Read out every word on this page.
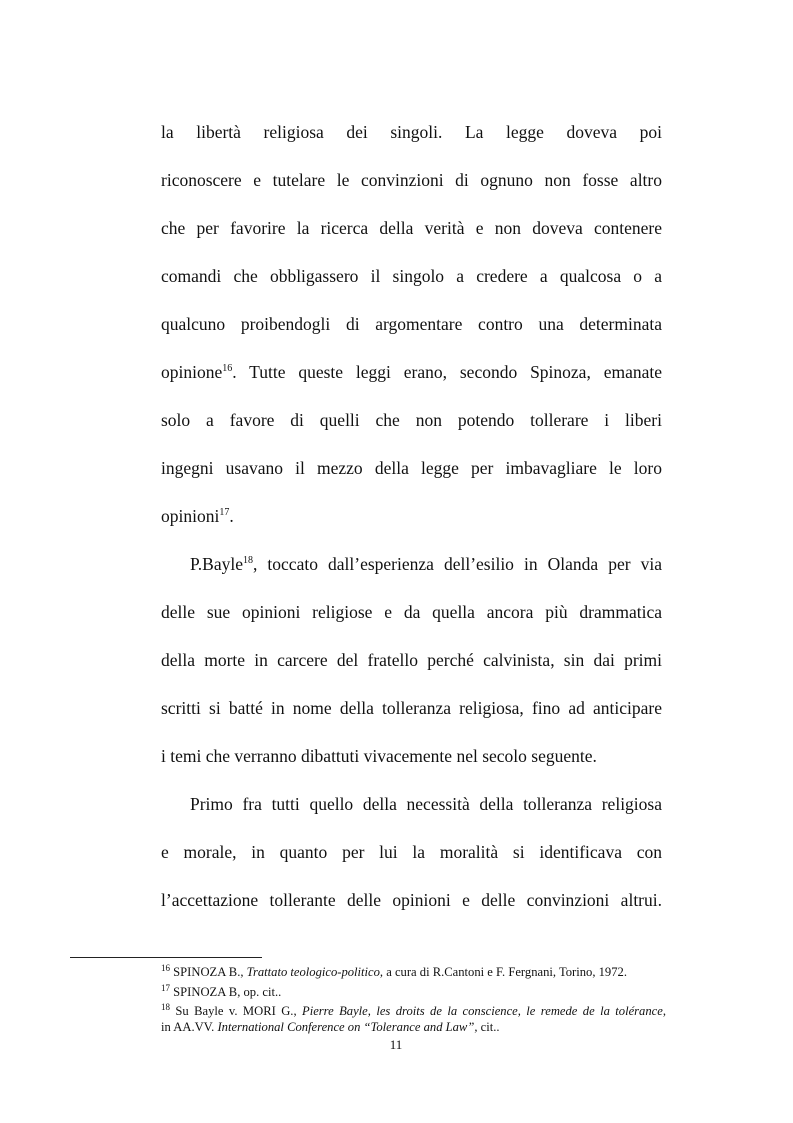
la libertà religiosa dei singoli. La legge doveva poi
riconoscere e tutelare le convinzioni di ognuno non fosse altro
che per favorire la ricerca della verità e non doveva contenere
comandi che obbligassero il singolo a credere a qualcosa o a
qualcuno proibendogli di argomentare contro una determinata
opinione$^{16}$. Tutte queste leggi erano, secondo Spinoza, emanate
solo a favore di quelli che non potendo tollerare i liberi
ingegni usavano il mezzo della legge per imbavagliare le loro
opinioni$^{17}$.
P.Bayle$^{18}$, toccato dall’esperienza dell’esilio in Olanda per via
delle sue opinioni religiose e da quella ancora più drammatica
della morte in carcere del fratello perché calvinista, sin dai primi
scritti si batté in nome della tolleranza religiosa, fino ad anticipare
i temi che verranno dibattuti vivacemente nel secolo seguente.
Primo fra tutti quello della necessità della tolleranza religiosa
e morale, in quanto per lui la moralità si identificava con
l’accettazione tollerante delle opinioni e delle convinzioni altrui.
$^{16}$ SPINOZA B., Trattato teologico-politico, a cura di R.Cantoni e F. Fergnani, Torino, 1972.
$^{17}$ SPINOZA B, op. cit..
$^{18}$ Su Bayle v. MORI G., Pierre Bayle, les droits de la conscience, le remede de la tolérance,
in AA.VV. International Conference on “Tolerance and Law”, cit..
11
